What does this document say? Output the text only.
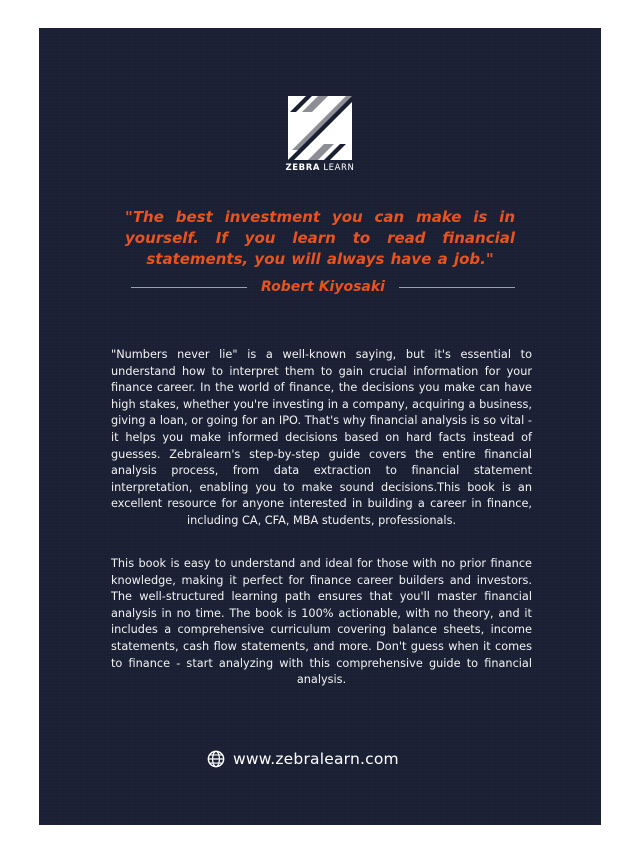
ZEBRA LEARN
"The best investment you can make is in yourself. If you learn to read financial statements, you will always have a job."
Robert Kiyosaki

"Numbers never lie" is a well-known saying, but it's essential to understand how to interpret them to gain crucial information for your finance career. In the world of finance, the decisions you make can have high stakes, whether you're investing in a company, acquiring a business, giving a loan, or going for an IPO. That's why financial analysis is so vital - it helps you make informed decisions based on hard facts instead of guesses. Zebralearn's step-by-step guide covers the entire financial analysis process, from data extraction to financial statement interpretation, enabling you to make sound decisions.This book is an excellent resource for anyone interested in building a career in finance, including CA, CFA, MBA students, professionals.

This book is easy to understand and ideal for those with no prior finance knowledge, making it perfect for finance career builders and investors. The well-structured learning path ensures that you'll master financial analysis in no time. The book is 100% actionable, with no theory, and it includes a comprehensive curriculum covering balance sheets, income statements, cash flow statements, and more. Don't guess when it comes to finance - start analyzing with this comprehensive guide to financial analysis.

www.zebralearn.com
